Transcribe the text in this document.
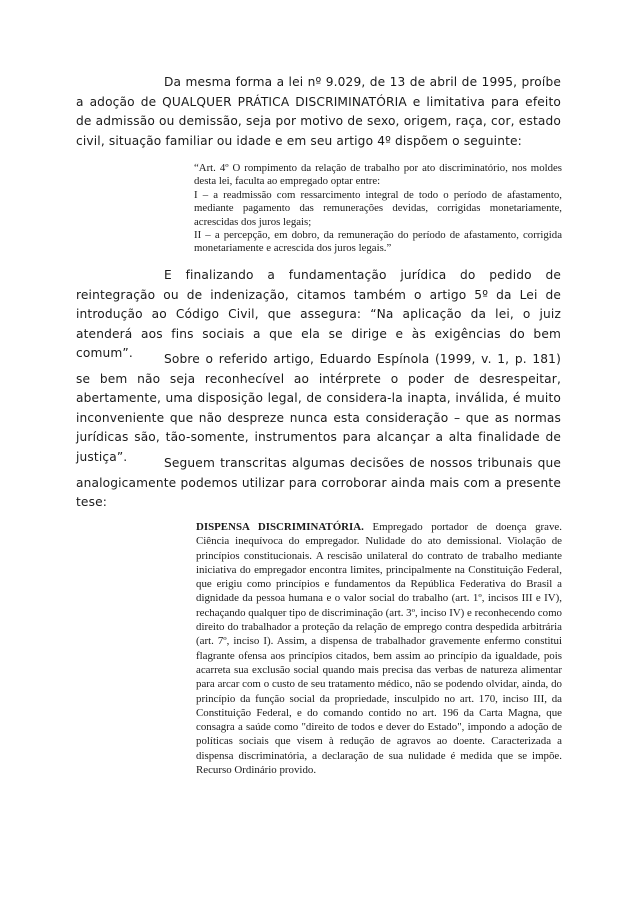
Da mesma forma a lei nº 9.029, de 13 de abril de 1995, proíbe a adoção de QUALQUER PRÁTICA DISCRIMINATÓRIA e limitativa para efeito de admissão ou demissão, seja por motivo de sexo, origem, raça, cor, estado civil, situação familiar ou idade e em seu artigo 4º dispõem o seguinte:

“Art. 4º O rompimento da relação de trabalho por ato discriminatório, nos moldes desta lei, faculta ao empregado optar entre:

I – a readmissão com ressarcimento integral de todo o período de afastamento, mediante pagamento das remunerações devidas, corrigidas monetariamente, acrescidas dos juros legais;

II – a percepção, em dobro, da remuneração do período de afastamento, corrigida monetariamente e acrescida dos juros legais.”

E finalizando a fundamentação jurídica do pedido de reintegração ou de indenização, citamos também o artigo 5º da Lei de introdução ao Código Civil, que assegura: “Na aplicação da lei, o juiz atenderá aos fins sociais a que ela se dirige e às exigências do bem comum”.	Sobre o referido artigo, Eduardo Espínola (1999, v. 1, p. 181) se bem não seja reconhecível ao intérprete o poder de desrespeitar, abertamente, uma disposição legal, de considera-la inapta, inválida, é muito inconveniente que não despreze nunca esta consideração – que as normas jurídicas são, tão-somente, instrumentos para alcançar a alta finalidade de justiça”.	Seguem transcritas algumas decisões de nossos tribunais que analogicamente podemos utilizar para corroborar ainda mais com a presente tese:

DISPENSA DISCRIMINATÓRIA. Empregado portador de doença grave. Ciência inequívoca do empregador. Nulidade do ato demissional. Violação de princípios constitucionais. A rescisão unilateral do contrato de trabalho mediante iniciativa do empregador encontra limites, principalmente na Constituição Federal, que erigiu como princípios e fundamentos da República Federativa do Brasil a dignidade da pessoa humana e o valor social do trabalho (art. 1º, incisos III e IV), rechaçando qualquer tipo de discriminação (art. 3º, inciso IV) e reconhecendo como direito do trabalhador a proteção da relação de emprego contra despedida arbitrária (art. 7º, inciso I). Assim, a dispensa de trabalhador gravemente enfermo constitui flagrante ofensa aos princípios citados, bem assim ao princípio da igualdade, pois acarreta sua exclusão social quando mais precisa das verbas de natureza alimentar para arcar com o custo de seu tratamento médico, não se podendo olvidar, ainda, do princípio da função social da propriedade, insculpido no art. 170, inciso III, da Constituição Federal, e do comando contido no art. 196 da Carta Magna, que consagra a saúde como "direito de todos e dever do Estado", impondo a adoção de políticas sociais que visem à redução de agravos ao doente. Caracterizada a dispensa discriminatória, a declaração de sua nulidade é medida que se impõe. Recurso Ordinário provido.
